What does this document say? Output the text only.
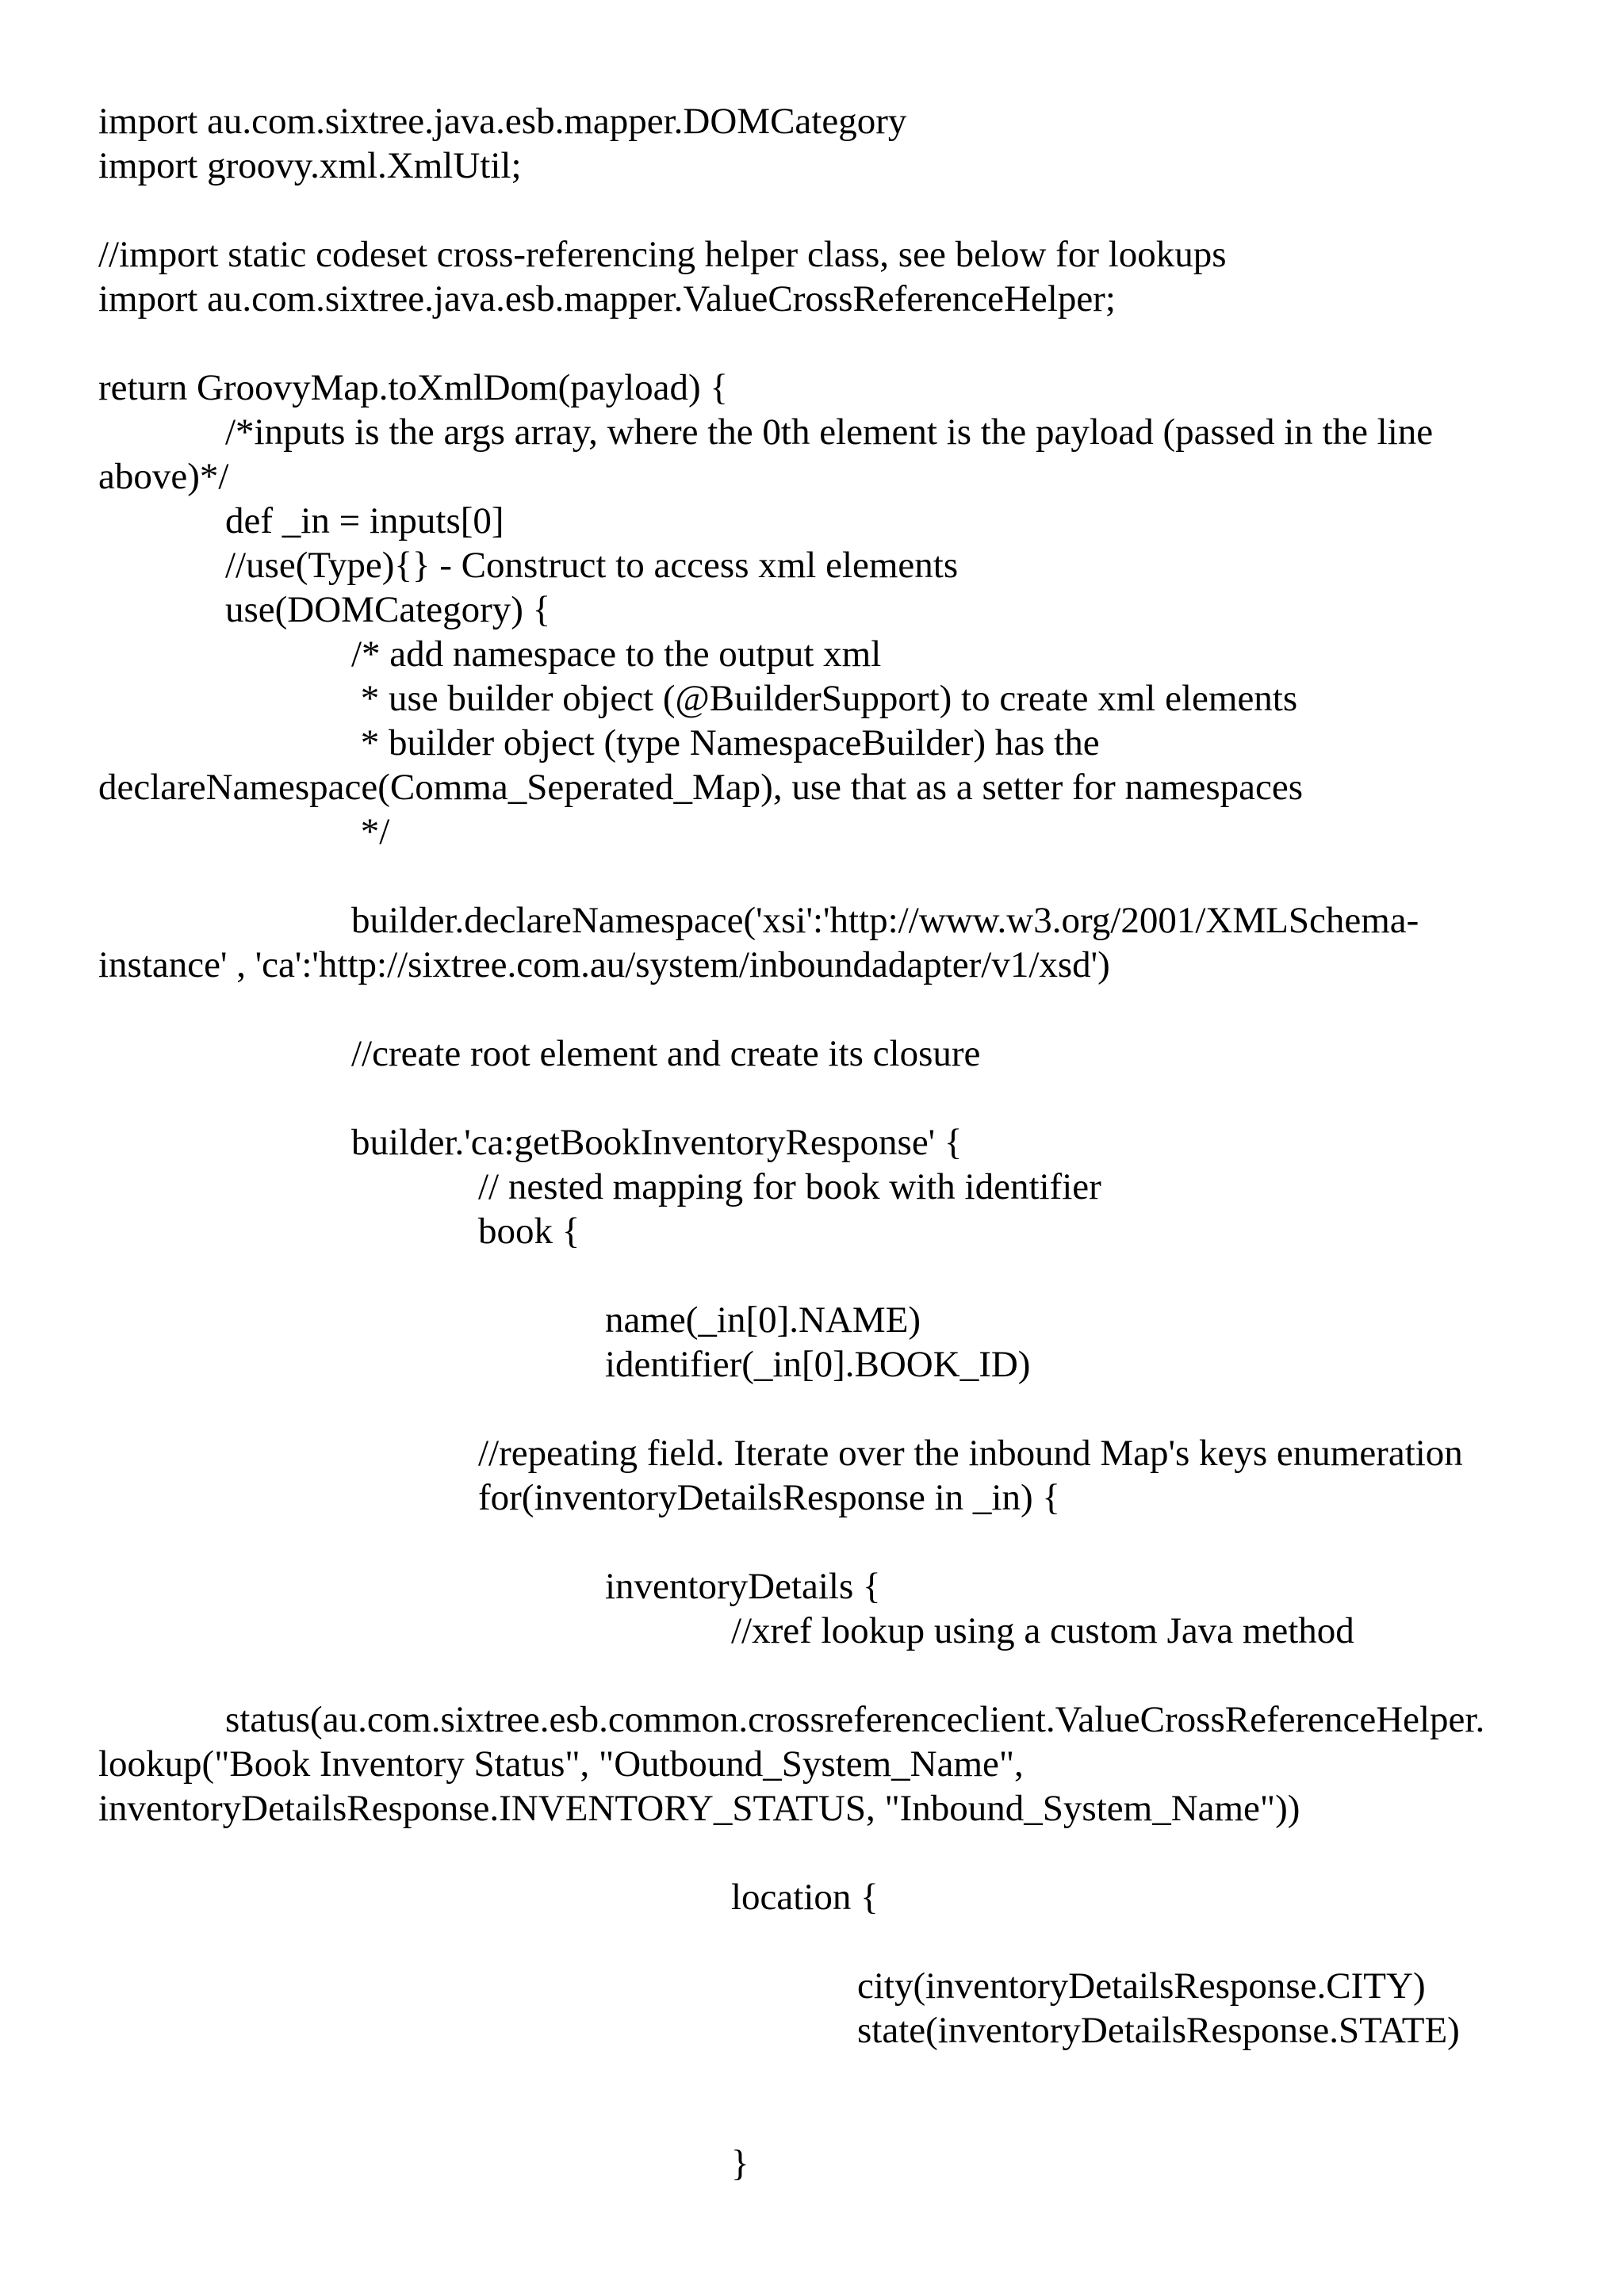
import au.com.sixtree.java.esb.mapper.DOMCategory
import groovy.xml.XmlUtil;
//import static codeset cross-referencing helper class, see below for lookups
import au.com.sixtree.java.esb.mapper.ValueCrossReferenceHelper;
return GroovyMap.toXmlDom(payload) {
/*inputs is the args array, where the 0th element is the payload (passed in the line
above)*/
def _in = inputs[0]
//use(Type){} - Construct to access xml elements
use(DOMCategory) {
/* add namespace to the output xml
* use builder object (@BuilderSupport) to create xml elements
* builder object (type NamespaceBuilder) has the
declareNamespace(Comma_Seperated_Map), use that as a setter for namespaces
*/
builder.declareNamespace('xsi':'http://www.w3.org/2001/XMLSchema-
instance' , 'ca':'http://sixtree.com.au/system/inboundadapter/v1/xsd')
//create root element and create its closure
builder.'ca:getBookInventoryResponse' {
// nested mapping for book with identifier
book {
name(_in[0].NAME)
identifier(_in[0].BOOK_ID)
//repeating field. Iterate over the inbound Map's keys enumeration
for(inventoryDetailsResponse in _in) {
inventoryDetails {
//xref lookup using a custom Java method
status(au.com.sixtree.esb.common.crossreferenceclient.ValueCrossReferenceHelper.
lookup("Book Inventory Status", "Outbound_System_Name",
inventoryDetailsResponse.INVENTORY_STATUS, "Inbound_System_Name"))
location {
city(inventoryDetailsResponse.CITY)
state(inventoryDetailsResponse.STATE)
}
